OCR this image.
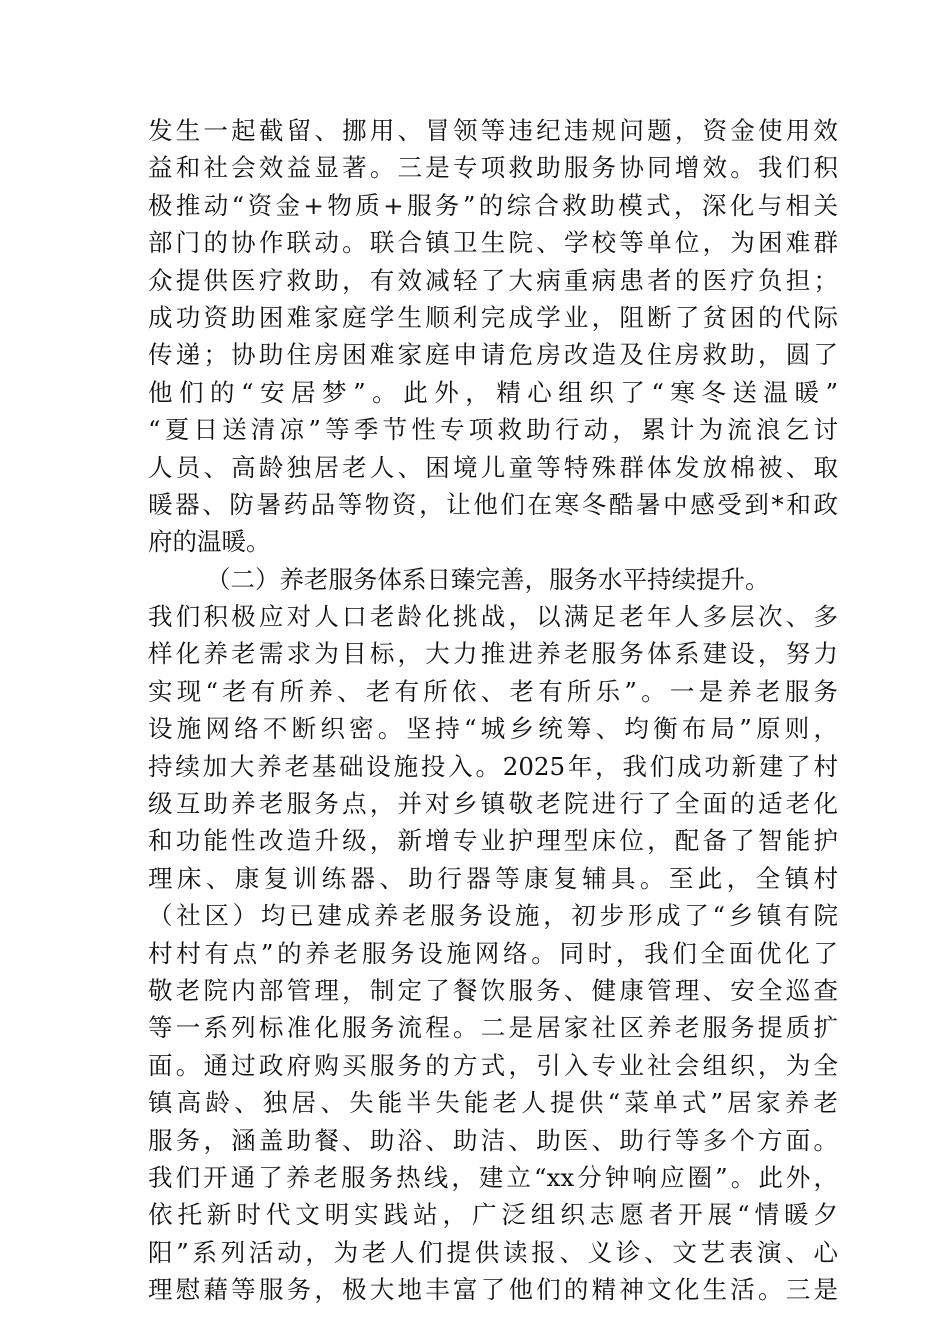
发生一起截留、挪用、冒领等违纪违规问题，资金使用效
益和社会效益显著。三是专项救助服务协同增效。我们积
极推动“资金+物质+服务”的综合救助模式，深化与相关
部门的协作联动。联合镇卫生院、学校等单位，为困难群
众提供医疗救助，有效减轻了大病重病患者的医疗负担；
成功资助困难家庭学生顺利完成学业，阻断了贫困的代际
传递；协助住房困难家庭申请危房改造及住房救助，圆了
他们的“安居梦”。此外，精心组织了“寒冬送温暖”
“夏日送清凉”等季节性专项救助行动，累计为流浪乞讨
人员、高龄独居老人、困境儿童等特殊群体发放棉被、取
暖器、防暑药品等物资，让他们在寒冬酷暑中感受到*和政
府的温暖。
（二）养老服务体系日臻完善，服务水平持续提升。
我们积极应对人口老龄化挑战，以满足老年人多层次、多
样化养老需求为目标，大力推进养老服务体系建设，努力
实现“老有所养、老有所依、老有所乐”。一是养老服务
设施网络不断织密。坚持“城乡统筹、均衡布局”原则，
持续加大养老基础设施投入。2025年，我们成功新建了村
级互助养老服务点，并对乡镇敬老院进行了全面的适老化
和功能性改造升级，新增专业护理型床位，配备了智能护
理床、康复训练器、助行器等康复辅具。至此，全镇村
（社区）均已建成养老服务设施，初步形成了“乡镇有院
村村有点”的养老服务设施网络。同时，我们全面优化了
敬老院内部管理，制定了餐饮服务、健康管理、安全巡查
等一系列标准化服务流程。二是居家社区养老服务提质扩
面。通过政府购买服务的方式，引入专业社会组织，为全
镇高龄、独居、失能半失能老人提供“菜单式”居家养老
服务，涵盖助餐、助浴、助洁、助医、助行等多个方面。
我们开通了养老服务热线，建立“xx分钟响应圈”。此外，
依托新时代文明实践站，广泛组织志愿者开展“情暖夕
阳”系列活动，为老人们提供读报、义诊、文艺表演、心
理慰藉等服务，极大地丰富了他们的精神文化生活。三是
